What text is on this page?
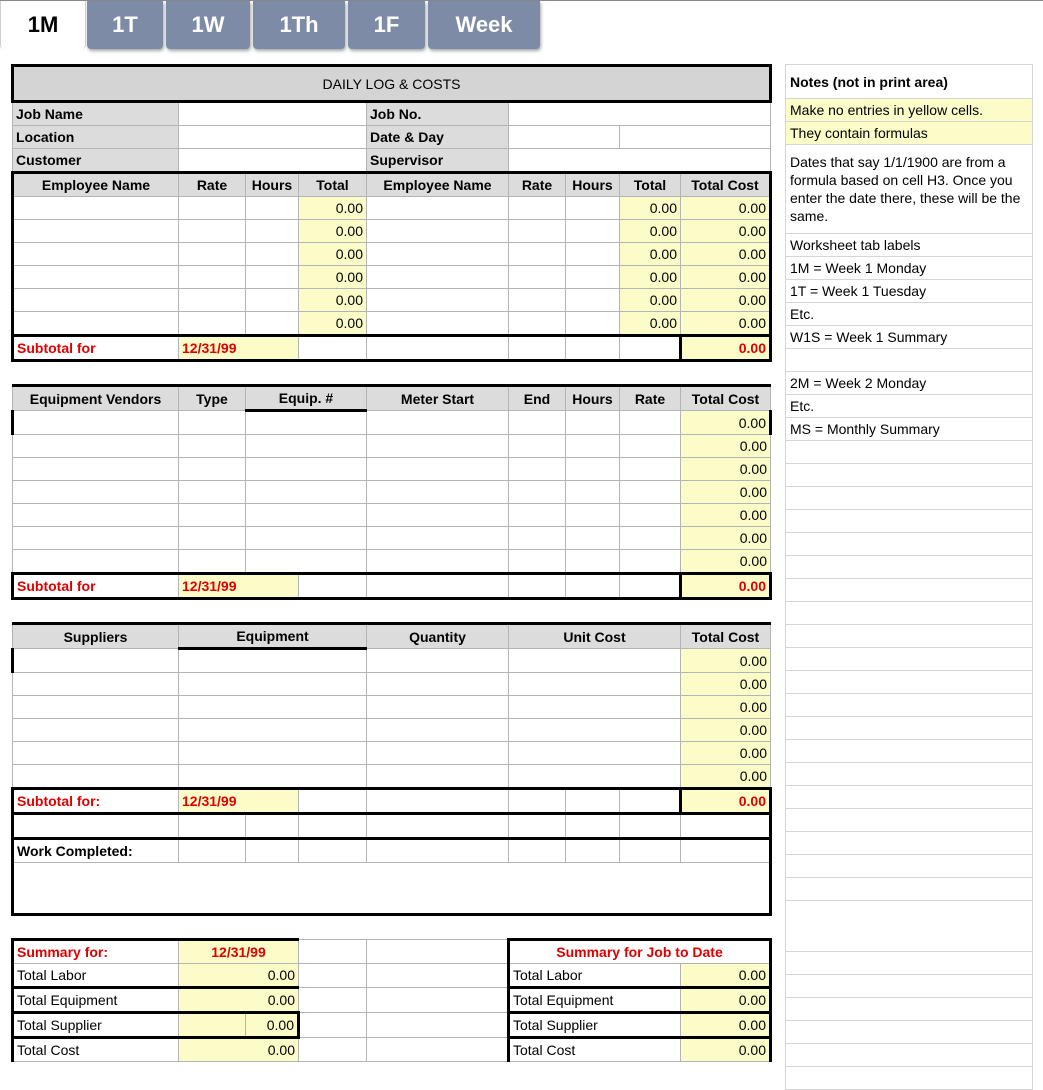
1M	1T	1W	1Th	1F	Week
DAILY LOG & COSTS								
Job Name				Job No.				
Location				Date & Day				
Customer				Supervisor				
Employee Name	Rate	Hours	Total	Employee Name	Rate	Hours	Total	Total Cost
			0.00				0.00	0.00
			0.00				0.00	0.00
			0.00				0.00	0.00
			0.00				0.00	0.00
			0.00				0.00	0.00
			0.00				0.00	0.00
Subtotal for	12/31/99							0.00

Equipment Vendors	Type	Equip. #		Meter Start	End	Hours	Rate	Total Cost
								0.00
								0.00
								0.00
								0.00
								0.00
								0.00
								0.00
Subtotal for	12/31/99							0.00

Suppliers	Equipment			Quantity	Unit Cost			Total Cost
								0.00
								0.00
								0.00
								0.00
								0.00
								0.00
Subtotal for:	12/31/99							0.00

Work Completed:								

Summary for:	12/31/99				Summary for Job to Date			
Total Labor	0.00				Total Labor			0.00
Total Equipment	0.00				Total Equipment			0.00
Total Supplier		0.00			Total Supplier			0.00
Total Cost	0.00				Total Cost			0.00
Notes (not in print area)
Make no entries in yellow cells.
They contain formulas
Dates that say 1/1/1900 are from a formula based on cell H3. Once you enter the date there, these will be the same.
Worksheet tab labels
1M = Week 1 Monday
1T = Week 1 Tuesday
Etc.
W1S = Week 1 Summary

2M = Week 2 Monday
Etc.
MS = Monthly Summary
